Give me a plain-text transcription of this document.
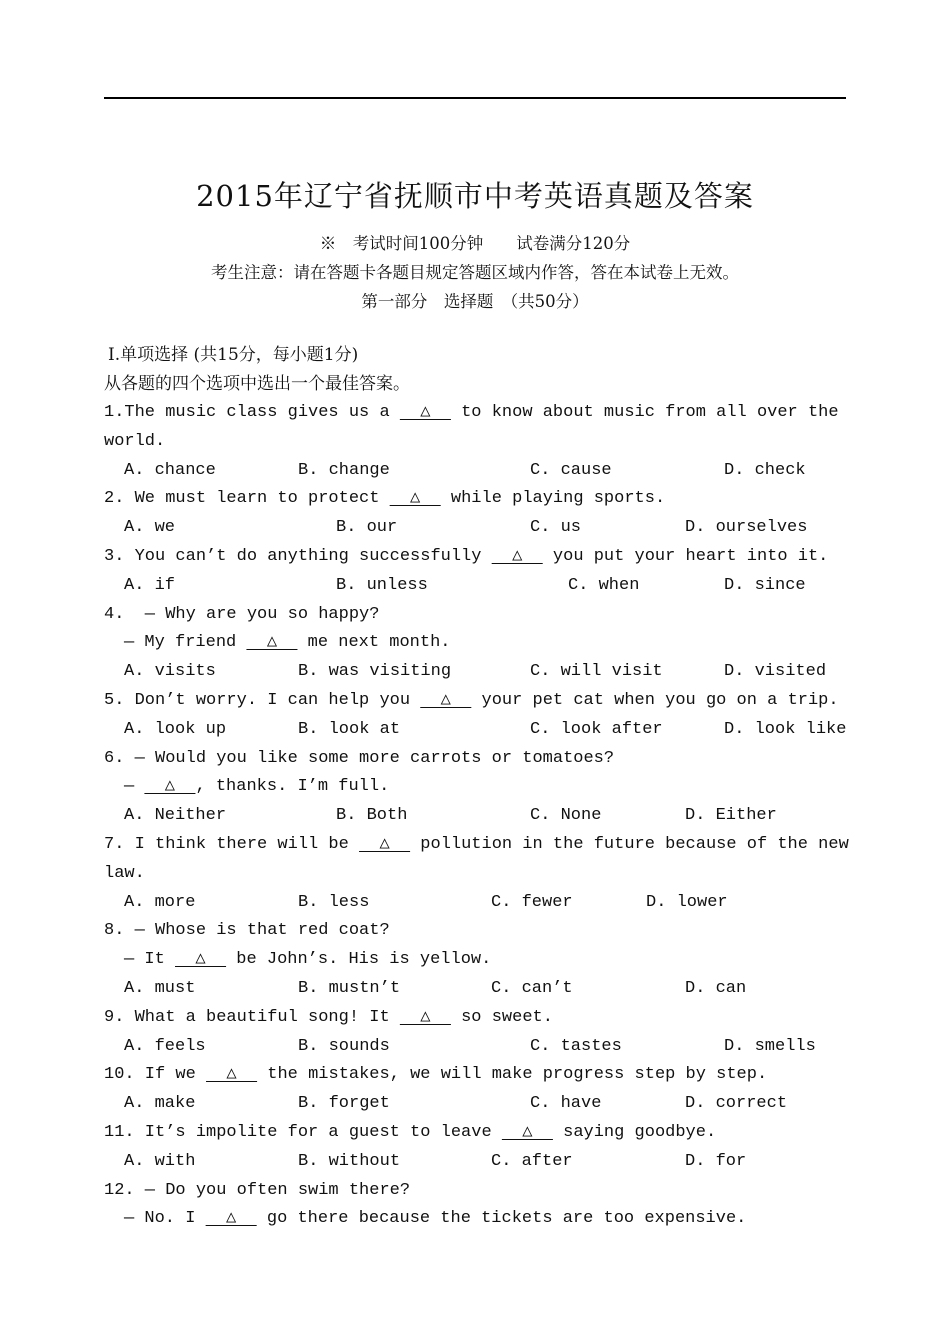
2015年辽宁省抚顺市中考英语真题及答案
※　考试时间100分钟　　试卷满分120分
考生注意：请在答题卡各题目规定答题区域内作答，答在本试卷上无效。
第一部分　选择题　（共50分）
Ⅰ.单项选择 (共15分，每小题1分)
从各题的四个选项中选出一个最佳答案。
1.The music class gives us a   △   to know about music from all over the
world.
A. chance	B. change	C. cause	D. check
2. We must learn to protect   △   while playing sports.
A. we	B. our	C. us	D. ourselves
3. You can’t do anything successfully   △   you put your heart into it.
A. if	B. unless	C. when	D. since
4.  — Why are you so happy?
— My friend   △   me next month.
A. visits	B. was visiting	C. will visit	D. visited
5. Don’t worry. I can help you   △   your pet cat when you go on a trip.
A. look up	B. look at	C. look after	D. look like
6. — Would you like some more carrots or tomatoes?
—   △  , thanks. I’m full.
A. Neither	B. Both	C. None	D. Either
7. I think there will be   △   pollution in the future because of the new
law.
A. more	B. less	C. fewer	D. lower
8. — Whose is that red coat?
— It   △   be John’s. His is yellow.
A. must	B. mustn’t	C. can’t	D. can
9. What a beautiful song! It   △   so sweet.
A. feels	B. sounds	C. tastes	D. smells
10. If we   △   the mistakes, we will make progress step by step.
A. make	B. forget	C. have	D. correct
11. It’s impolite for a guest to leave   △   saying goodbye.
A. with	B. without	C. after	D. for
12. — Do you often swim there?
— No. I   △   go there because the tickets are too expensive.
